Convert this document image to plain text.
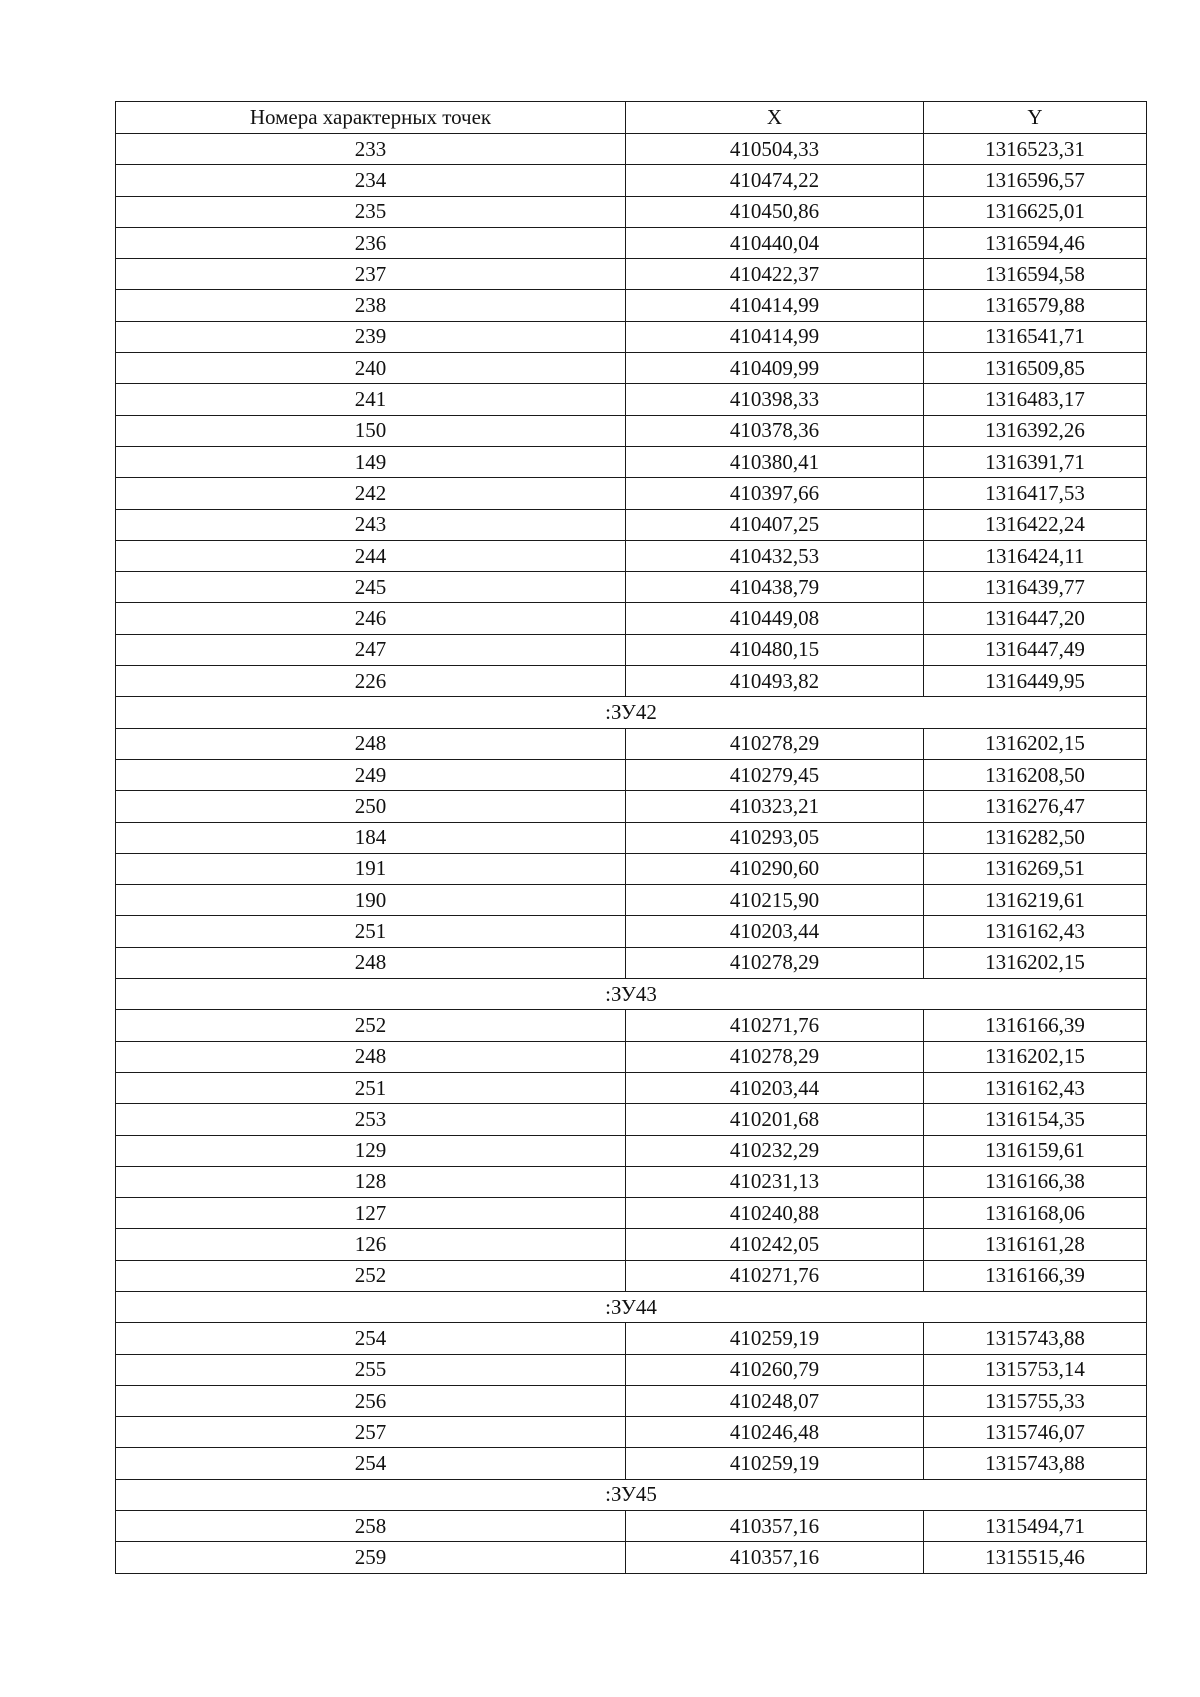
Номера характерных точек	X	Y
233	410504,33	1316523,31
234	410474,22	1316596,57
235	410450,86	1316625,01
236	410440,04	1316594,46
237	410422,37	1316594,58
238	410414,99	1316579,88
239	410414,99	1316541,71
240	410409,99	1316509,85
241	410398,33	1316483,17
150	410378,36	1316392,26
149	410380,41	1316391,71
242	410397,66	1316417,53
243	410407,25	1316422,24
244	410432,53	1316424,11
245	410438,79	1316439,77
246	410449,08	1316447,20
247	410480,15	1316447,49
226	410493,82	1316449,95
:ЗУ42		
248	410278,29	1316202,15
249	410279,45	1316208,50
250	410323,21	1316276,47
184	410293,05	1316282,50
191	410290,60	1316269,51
190	410215,90	1316219,61
251	410203,44	1316162,43
248	410278,29	1316202,15
:ЗУ43		
252	410271,76	1316166,39
248	410278,29	1316202,15
251	410203,44	1316162,43
253	410201,68	1316154,35
129	410232,29	1316159,61
128	410231,13	1316166,38
127	410240,88	1316168,06
126	410242,05	1316161,28
252	410271,76	1316166,39
:ЗУ44		
254	410259,19	1315743,88
255	410260,79	1315753,14
256	410248,07	1315755,33
257	410246,48	1315746,07
254	410259,19	1315743,88
:ЗУ45		
258	410357,16	1315494,71
259	410357,16	1315515,46
